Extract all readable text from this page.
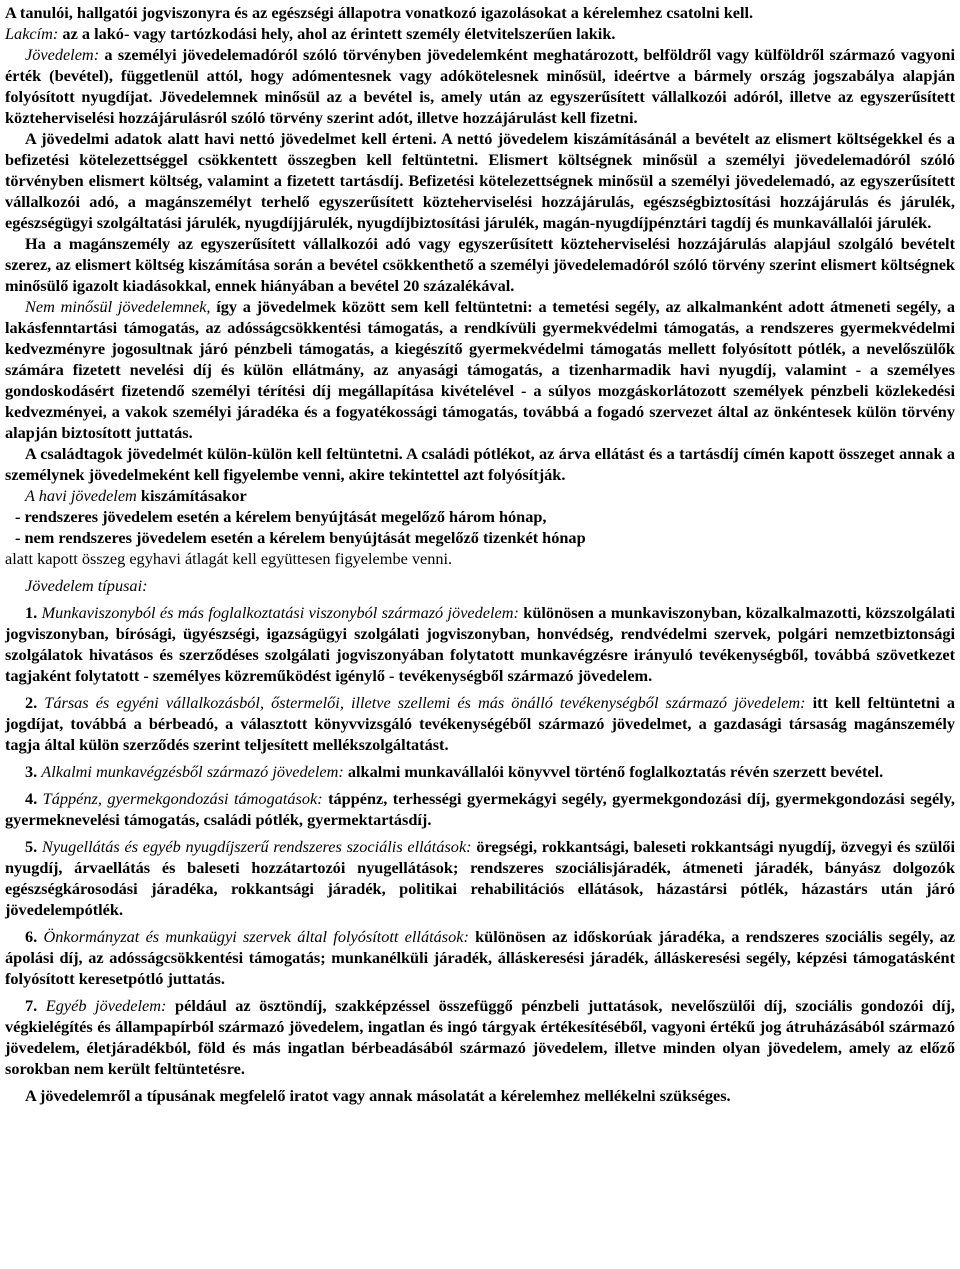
A tanulói, hallgatói jogviszonyra és az egészségi állapotra vonatkozó igazolásokat a kérelemhez csatolni kell.

Lakcím: az a lakó- vagy tartózkodási hely, ahol az érintett személy életvitelszerűen lakik.

Jövedelem: a személyi jövedelemadóról szóló törvényben jövedelemként meghatározott, belföldről vagy külföldről származó vagyoni érték (bevétel), függetlenül attól, hogy adómentesnek vagy adókötelesnek minősül, ideértve a bármely ország jogszabálya alapján folyósított nyugdíjat. Jövedelemnek minősül az a bevétel is, amely után az egyszerűsített vállalkozói adóról, illetve az egyszerűsített közteherviselési hozzájárulásról szóló törvény szerint adót, illetve hozzájárulást kell fizetni.

A jövedelmi adatok alatt havi nettó jövedelmet kell érteni. A nettó jövedelem kiszámításánál a bevételt az elismert költségekkel és a befizetési kötelezettséggel csökkentett összegben kell feltüntetni. Elismert költségnek minősül a személyi jövedelemadóról szóló törvényben elismert költség, valamint a fizetett tartásdíj. Befizetési kötelezettségnek minősül a személyi jövedelemadó, az egyszerűsített vállalkozói adó, a magánszemélyt terhelő egyszerűsített közteherviselési hozzájárulás, egészségbiztosítási hozzájárulás és járulék, egészségügyi szolgáltatási járulék, nyugdíjjárulék, nyugdíjbiztosítási járulék, magán-nyugdíjpénztári tagdíj és munkavállalói járulék.

Ha a magánszemély az egyszerűsített vállalkozói adó vagy egyszerűsített közteherviselési hozzájárulás alapjául szolgáló bevételt szerez, az elismert költség kiszámítása során a bevétel csökkenthető a személyi jövedelemadóról szóló törvény szerint elismert költségnek minősülő igazolt kiadásokkal, ennek hiányában a bevétel 20 százalékával.

Nem minősül jövedelemnek, így a jövedelmek között sem kell feltüntetni: a temetési segély, az alkalmanként adott átmeneti segély, a lakásfenntartási támogatás, az adósságcsökkentési támogatás, a rendkívüli gyermekvédelmi támogatás, a rendszeres gyermekvédelmi kedvezményre jogosultnak járó pénzbeli támogatás, a kiegészítő gyermekvédelmi támogatás mellett folyósított pótlék, a nevelőszülők számára fizetett nevelési díj és külön ellátmány, az anyasági támogatás, a tizenharmadik havi nyugdíj, valamint - a személyes gondoskodásért fizetendő személyi térítési díj megállapítása kivételével - a súlyos mozgáskorlátozott személyek pénzbeli közlekedési kedvezményei, a vakok személyi járadéka és a fogyatékossági támogatás, továbbá a fogadó szervezet által az önkéntesek külön törvény alapján biztosított juttatás.

A családtagok jövedelmét külön-külön kell feltüntetni. A családi pótlékot, az árva ellátást és a tartásdíj címén kapott összeget annak a személynek jövedelmeként kell figyelembe venni, akire tekintettel azt folyósítják.

A havi jövedelem kiszámításakor

- rendszeres jövedelem esetén a kérelem benyújtását megelőző három hónap,

- nem rendszeres jövedelem esetén a kérelem benyújtását megelőző tizenkét hónap

alatt kapott összeg egyhavi átlagát kell együttesen figyelembe venni.

Jövedelem típusai:

1. Munkaviszonyból és más foglalkoztatási viszonyból származó jövedelem: különösen a munkaviszonyban, közalkalmazotti, közszolgálati jogviszonyban, bírósági, ügyészségi, igazságügyi szolgálati jogviszonyban, honvédség, rendvédelmi szervek, polgári nemzetbiztonsági szolgálatok hivatásos és szerződéses szolgálati jogviszonyában folytatott munkavégzésre irányuló tevékenységből, továbbá szövetkezet tagjaként folytatott - személyes közreműködést igénylő - tevékenységből származó jövedelem.

2. Társas és egyéni vállalkozásból, őstermelői, illetve szellemi és más önálló tevékenységből származó jövedelem: itt kell feltüntetni a jogdíjat, továbbá a bérbeadó, a választott könyvvizsgáló tevékenységéből származó jövedelmet, a gazdasági társaság magánszemély tagja által külön szerződés szerint teljesített mellékszolgáltatást.

3. Alkalmi munkavégzésből származó jövedelem: alkalmi munkavállalói könyvvel történő foglalkoztatás révén szerzett bevétel.

4. Táppénz, gyermekgondozási támogatások: táppénz, terhességi gyermekágyi segély, gyermekgondozási díj, gyermekgondozási segély, gyermeknevelési támogatás, családi pótlék, gyermektartásdíj.

5. Nyugellátás és egyéb nyugdíjszerű rendszeres szociális ellátások: öregségi, rokkantsági, baleseti rokkantsági nyugdíj, özvegyi és szülői nyugdíj, árvaellátás és baleseti hozzátartozói nyugellátások; rendszeres szociálisjáradék, átmeneti járadék, bányász dolgozók egészségkárosodási járadéka, rokkantsági járadék, politikai rehabilitációs ellátások, házastársi pótlék, házastárs után járó jövedelempótlék.

6. Önkormányzat és munkaügyi szervek által folyósított ellátások: különösen az időskorúak járadéka, a rendszeres szociális segély, az ápolási díj, az adósságcsökkentési támogatás; munkanélküli járadék, álláskeresési járadék, álláskeresési segély, képzési támogatásként folyósított keresetpótló juttatás.

7. Egyéb jövedelem: például az ösztöndíj, szakképzéssel összefüggő pénzbeli juttatások, nevelőszülői díj, szociális gondozói díj, végkielégítés és állampapírból származó jövedelem, ingatlan és ingó tárgyak értékesítéséből, vagyoni értékű jog átruházásából származó jövedelem, életjáradékból, föld és más ingatlan bérbeadásából származó jövedelem, illetve minden olyan jövedelem, amely az előző sorokban nem került feltüntetésre.

A jövedelemről a típusának megfelelő iratot vagy annak másolatát a kérelemhez mellékelni szükséges.
